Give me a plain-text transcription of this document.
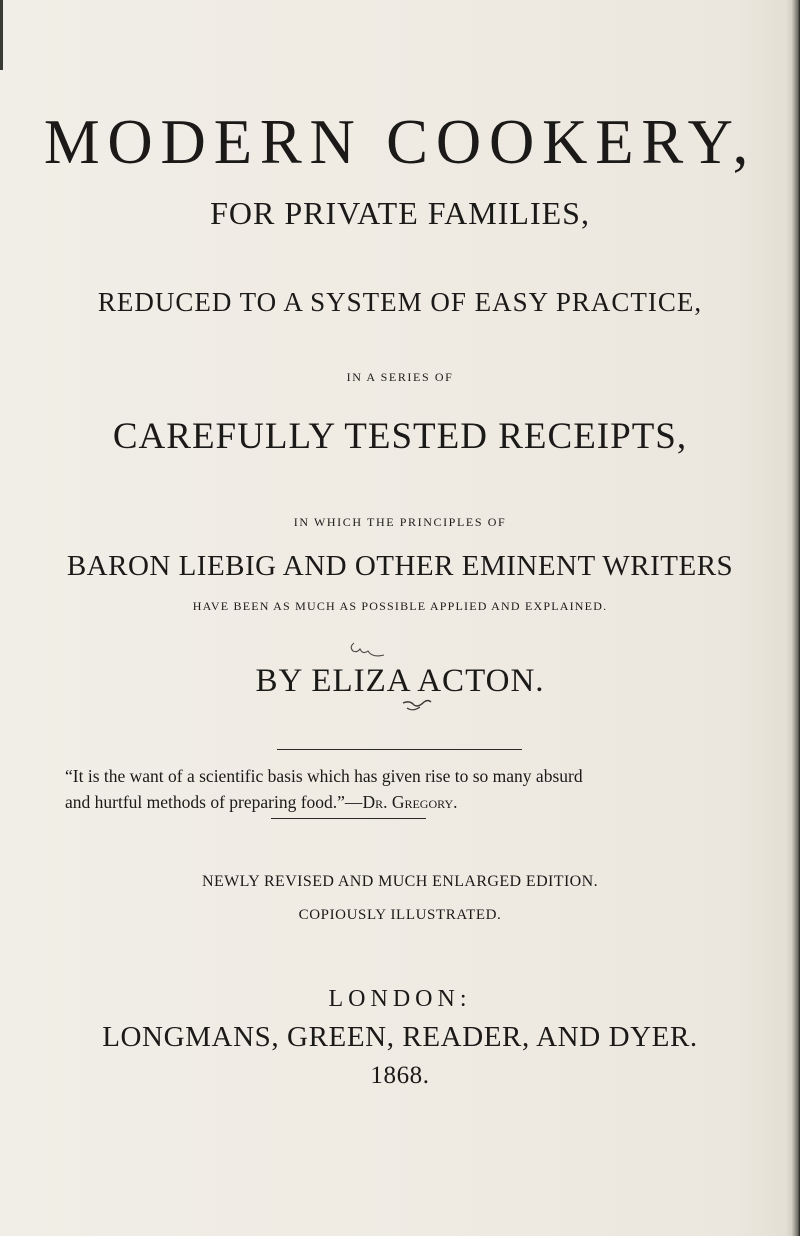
MODERN COOKERY,
FOR PRIVATE FAMILIES,
REDUCED TO A SYSTEM OF EASY PRACTICE,
IN A SERIES OF
CAREFULLY TESTED RECEIPTS,
IN WHICH THE PRINCIPLES OF
BARON LIEBIG AND OTHER EMINENT WRITERS
HAVE BEEN AS MUCH AS POSSIBLE APPLIED AND EXPLAINED.
BY ELIZA ACTON.
“It is the want of a scientific basis which has given rise to so many absurd
and hurtful methods of preparing food.”—Dr. Gregory.
NEWLY REVISED AND MUCH ENLARGED EDITION.
COPIOUSLY ILLUSTRATED.
LONDON:
LONGMANS, GREEN, READER, AND DYER.
1868.
